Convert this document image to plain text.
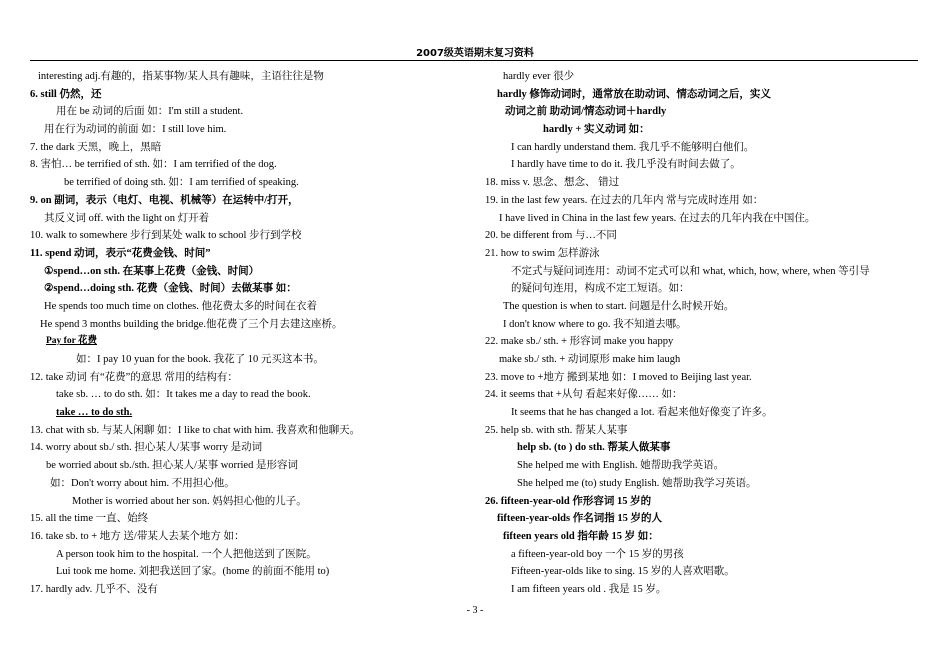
2007级英语期末复习资料
interesting adj.有趣的，指某事物/某人具有趣味，主语往往是物
6. still 仍然，还
用在 be 动词的后面 如：I'm still a student.
用在行为动词的前面 如：I still love him.
7. the dark 天黑，晚上，黑暗
8. 害怕… be terrified of sth. 如：I am terrified of the dog.
be terrified of doing sth. 如：I am terrified of speaking.
9. on 副词，表示（电灯、电视、机械等）在运转中/打开，
其反义词 off. with the light on 灯开着
10. walk to somewhere 步行到某处 walk to school 步行到学校
11. spend 动词，表示“花费金钱、时间”
①spend…on sth. 在某事上花费（金钱、时间）
②spend…doing sth. 花费（金钱、时间）去做某事 如：
He spends too much time on clothes. 他花费太多的时间在衣着
He spend 3 months building the bridge.他花费了三个月去建这座桥。
Pay for 花费
如：I pay 10 yuan for the book. 我花了 10 元买这本书。
12. take 动词 有“花费”的意思 常用的结构有：
take sb. … to do sth. 如：It takes me a day to read the book.
take … to do sth.
13. chat with sb. 与某人闲聊 如：I like to chat with him. 我喜欢和他聊天。
14. worry about sb./ sth. 担心某人/某事 worry 是动词
be worried about sb./sth. 担心某人/某事 worried 是形容词
如：Don't worry about him. 不用担心他。
Mother is worried about her son. 妈妈担心他的儿子。
15. all the time 一直、始终
16. take sb. to + 地方 送/带某人去某个地方 如：
A person took him to the hospital. 一个人把他送到了医院。
Lui took me home. 刘把我送回了家。(home 的前面不能用 to)
17. hardly adv. 几乎不、没有
hardly ever 很少
hardly 修饰动词时，通常放在助动词、情态动词之后，实义
动词之前 助动词/情态动词＋hardly
hardly + 实义动词 如：
I can hardly understand them. 我几乎不能够明白他们。
I hardly have time to do it. 我几乎没有时间去做了。
18. miss v. 思念、想念、 错过
19. in the last few years. 在过去的几年内 常与完成时连用 如：
I have lived in China in the last few years. 在过去的几年内我在中国住。
20. be different from 与…不同
21. how to swim 怎样游泳
不定式与疑问词连用：动词不定式可以和 what, which, how, where, when 等引导
的疑问句连用，构成不定工短语。如：
The question is when to start. 问题是什么时候开始。
I don't know where to go. 我不知道去哪。
22. make sb./ sth. + 形容词 make you happy
make sb./ sth. + 动词原形 make him laugh
23. move to +地方 搬到某地 如：I moved to Beijing last year.
24. it seems that +从句 看起来好像…… 如：
It seems that he has changed a lot. 看起来他好像变了许多。
25. help sb. with sth. 帮某人某事
help sb. (to ) do sth. 帮某人做某事
She helped me with English. 她帮助我学英语。
She helped me (to) study English. 她帮助我学习英语。
26. fifteen-year-old 作形容词 15 岁的
fifteen-year-olds 作名词指 15 岁的人
fifteen years old 指年龄 15 岁 如：
a fifteen-year-old boy 一个 15 岁的男孩
Fifteen-year-olds like to sing. 15 岁的人喜欢唱歌。
I am fifteen years old . 我是 15 岁。
- 3 -
